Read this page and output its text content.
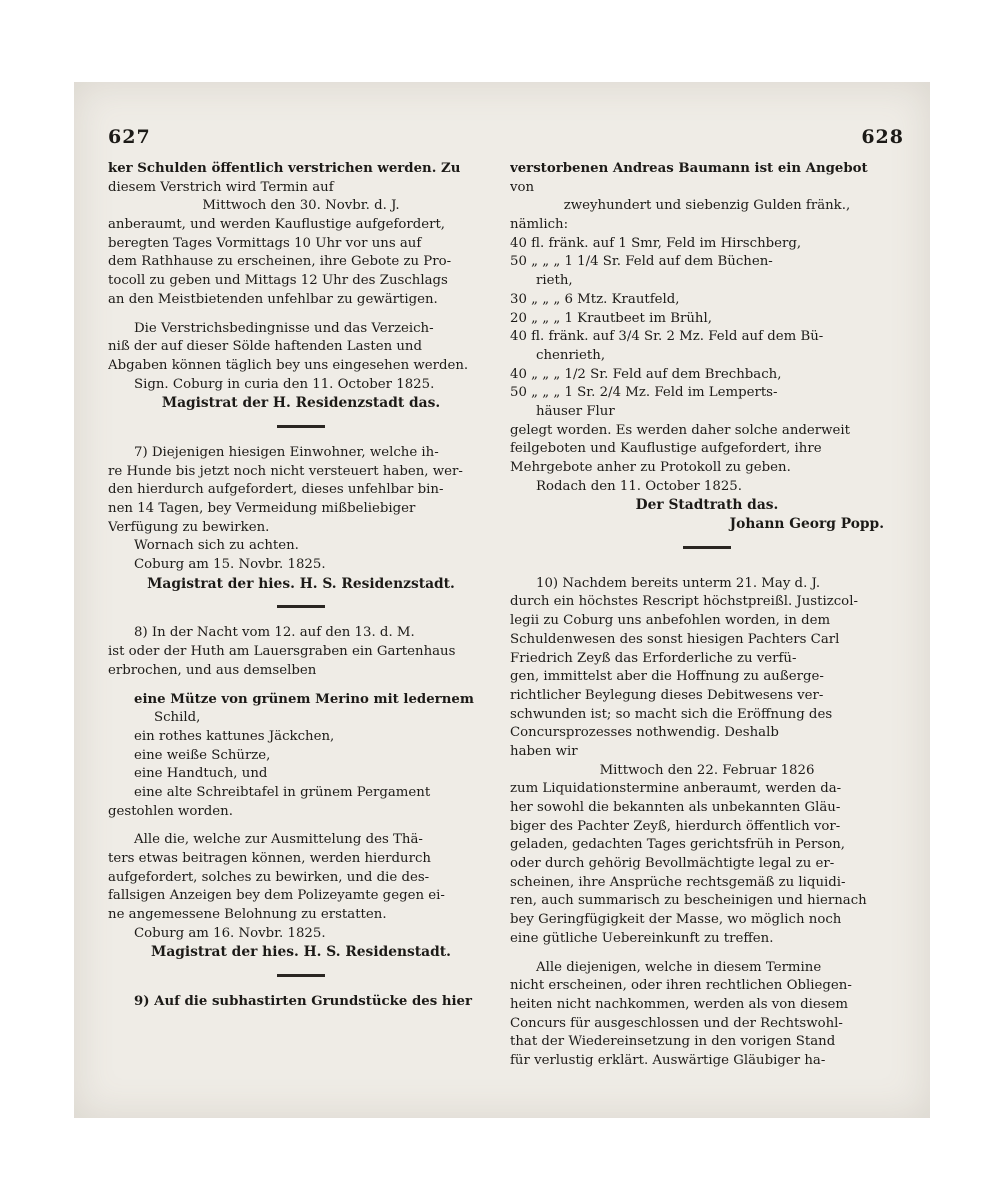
627	628
ker Schulden öffentlich verstrichen werden. Zu
diesem Verstrich wird Termin auf
Mittwoch den 30. Novbr. d. J.
anberaumt, und werden Kauflustige aufgefordert,
beregten Tages Vormittags 10 Uhr vor uns auf
dem Rathhause zu erscheinen, ihre Gebote zu Pro-
tocoll zu geben und Mittags 12 Uhr des Zuschlags
an den Meistbietenden unfehlbar zu gewärtigen.
Die Verstrichsbedingnisse und das Verzeich-
niß der auf dieser Sölde haftenden Lasten und
Abgaben können täglich bey uns eingesehen werden.
Sign. Coburg in curia den 11. October 1825.
Magistrat der H. Residenzstadt das.
7) Diejenigen hiesigen Einwohner, welche ih-
re Hunde bis jetzt noch nicht versteuert haben, wer-
den hierdurch aufgefordert, dieses unfehlbar bin-
nen 14 Tagen, bey Vermeidung mißbeliebiger
Verfügung zu bewirken.
Wornach sich zu achten.
Coburg am 15. Novbr. 1825.
Magistrat der hies. H. S. Residenzstadt.
8) In der Nacht vom 12. auf den 13. d. M.
ist oder der Huth am Lauersgraben ein Gartenhaus
erbrochen, und aus demselben
eine Mütze von grünem Merino mit ledernem
Schild,
ein rothes kattunes Jäckchen,
eine weiße Schürze,
eine Handtuch, und
eine alte Schreibtafel in grünem Pergament
gestohlen worden.
Alle die, welche zur Ausmittelung des Thä-
ters etwas beitragen können, werden hierdurch
aufgefordert, solches zu bewirken, und die des-
fallsigen Anzeigen bey dem Polizeyamte gegen ei-
ne angemessene Belohnung zu erstatten.
Coburg am 16. Novbr. 1825.
Magistrat der hies. H. S. Residenstadt.
9) Auf die subhastirten Grundstücke des hier
verstorbenen Andreas Baumann ist ein Angebot
von
zweyhundert und siebenzig Gulden fränk.,
nämlich:
40 fl. fränk. auf 1 Smr, Feld im Hirschberg,
50 „ „ „ 1 1/4 Sr. Feld auf dem Büchen-
rieth,
30 „ „ „ 6 Mtz. Krautfeld,
20 „ „ „ 1 Krautbeet im Brühl,
40 fl. fränk. auf 3/4 Sr. 2 Mz. Feld auf dem Bü-
chenrieth,
40 „ „ „ 1/2 Sr. Feld auf dem Brechbach,
50 „ „ „ 1 Sr. 2/4 Mz. Feld im Lemperts-
häuser Flur
gelegt worden. Es werden daher solche anderweit
feilgeboten und Kauflustige aufgefordert, ihre
Mehrgebote anher zu Protokoll zu geben.
Rodach den 11. October 1825.
Der Stadtrath das.
Johann Georg Popp.
10) Nachdem bereits unterm 21. May d. J.
durch ein höchstes Rescript höchstpreißl. Justizcol-
legii zu Coburg uns anbefohlen worden, in dem
Schuldenwesen des sonst hiesigen Pachters Carl
Friedrich Zeyß das Erforderliche zu verfü-
gen, immittelst aber die Hoffnung zu außerge-
richtlicher Beylegung dieses Debitwesens ver-
schwunden ist; so macht sich die Eröffnung des
Concursprozesses nothwendig. Deshalb
haben wir
Mittwoch den 22. Februar 1826
zum Liquidationstermine anberaumt, werden da-
her sowohl die bekannten als unbekannten Gläu-
biger des Pachter Zeyß, hierdurch öffentlich vor-
geladen, gedachten Tages gerichtsfrüh in Person,
oder durch gehörig Bevollmächtigte legal zu er-
scheinen, ihre Ansprüche rechtsgemäß zu liquidi-
ren, auch summarisch zu bescheinigen und hiernach
bey Geringfügigkeit der Masse, wo möglich noch
eine gütliche Uebereinkunft zu treffen.
Alle diejenigen, welche in diesem Termine
nicht erscheinen, oder ihren rechtlichen Obliegen-
heiten nicht nachkommen, werden als von diesem
Concurs für ausgeschlossen und der Rechtswohl-
that der Wiedereinsetzung in den vorigen Stand
für verlustig erklärt. Auswärtige Gläubiger ha-
